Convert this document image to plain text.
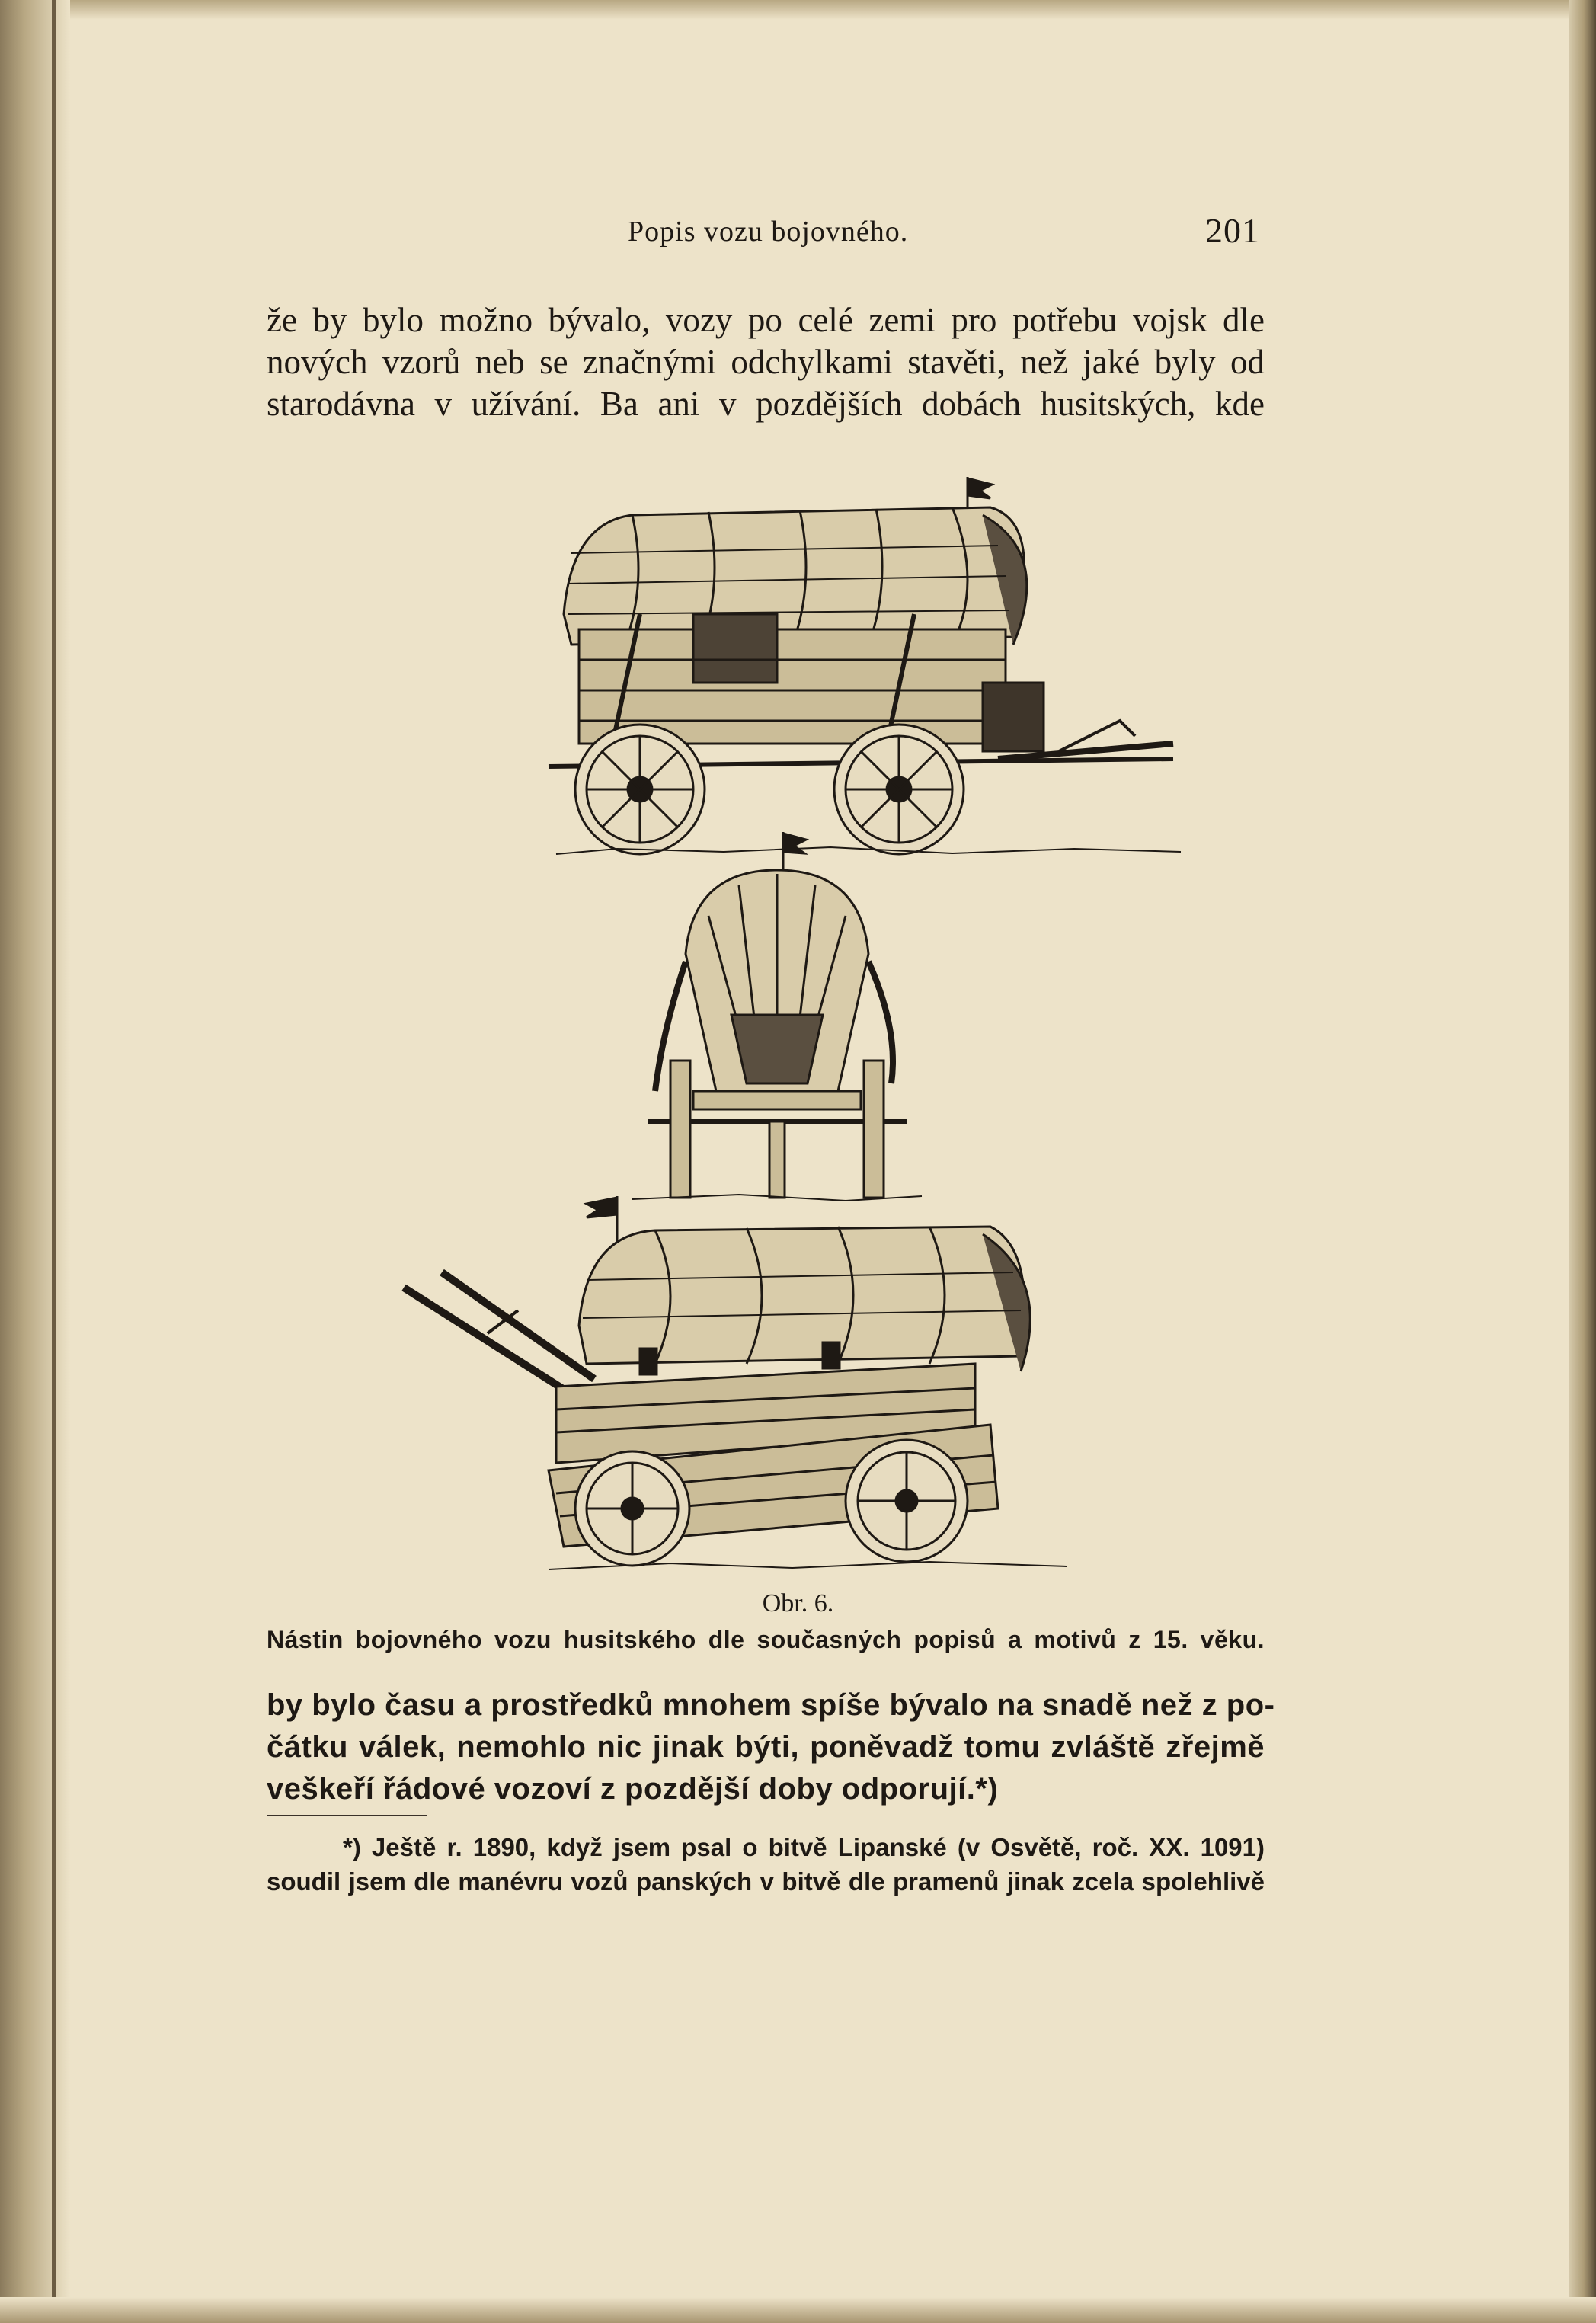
Popis vozu bojovného.	201
že by bylo možno bývalo, vozy po celé zemi pro potřebu vojsk dle
nových vzorů neb se značnými odchylkami stavěti, než jaké byly od
starodávna v užívání. Ba ani v pozdějších dobách husitských, kde
Obr. 6.
Nástin bojovného vozu husitského dle současných popisů a motivů z 15. věku.
by bylo času a prostředků mnohem spíše bývalo na snadě než z po-
čátku válek, nemohlo nic jinak býti, poněvadž tomu zvláště zřejmě
veškeří řádové vozoví z pozdější doby odporují.*)
*) Ještě r. 1890, když jsem psal o bitvě Lipanské (v Osvětě, roč. XX. 1091)
soudil jsem dle manévru vozů panských v bitvě dle pramenů jinak zcela spolehlivě
